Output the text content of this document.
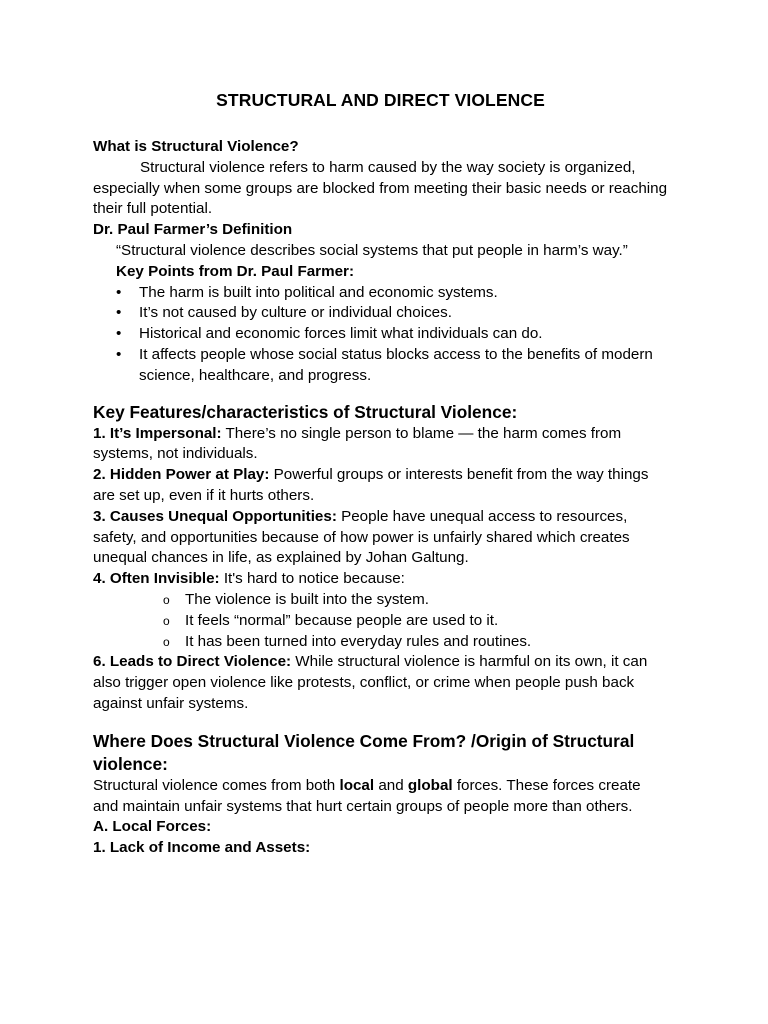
STRUCTURAL AND DIRECT VIOLENCE
What is Structural Violence?
Structural violence refers to harm caused by the way society is organized, especially when some groups are blocked from meeting their basic needs or reaching their full potential.
Dr. Paul Farmer’s Definition
“Structural violence describes social systems that put people in harm’s way.”
Key Points from Dr. Paul Farmer:
•	The harm is built into political and economic systems.
•	It’s not caused by culture or individual choices.
•	Historical and economic forces limit what individuals can do.
•	It affects people whose social status blocks access to the benefits of modern science, healthcare, and progress.
Key Features/characteristics of Structural Violence:
1. It’s Impersonal: There’s no single person to blame — the harm comes from systems, not individuals.
2. Hidden Power at Play: Powerful groups or interests benefit from the way things are set up, even if it hurts others.
3. Causes Unequal Opportunities: People have unequal access to resources, safety, and opportunities because of how power is unfairly shared which creates unequal chances in life, as explained by Johan Galtung.
4. Often Invisible: It's hard to notice because:
o The violence is built into the system.
o It feels “normal” because people are used to it.
o It has been turned into everyday rules and routines.
6. Leads to Direct Violence: While structural violence is harmful on its own, it can also trigger open violence like protests, conflict, or crime when people push back against unfair systems.
Where Does Structural Violence Come From? /Origin of Structural violence:
Structural violence comes from both local and global forces. These forces create and maintain unfair systems that hurt certain groups of people more than others.
A. Local Forces:
1. Lack of Income and Assets:
